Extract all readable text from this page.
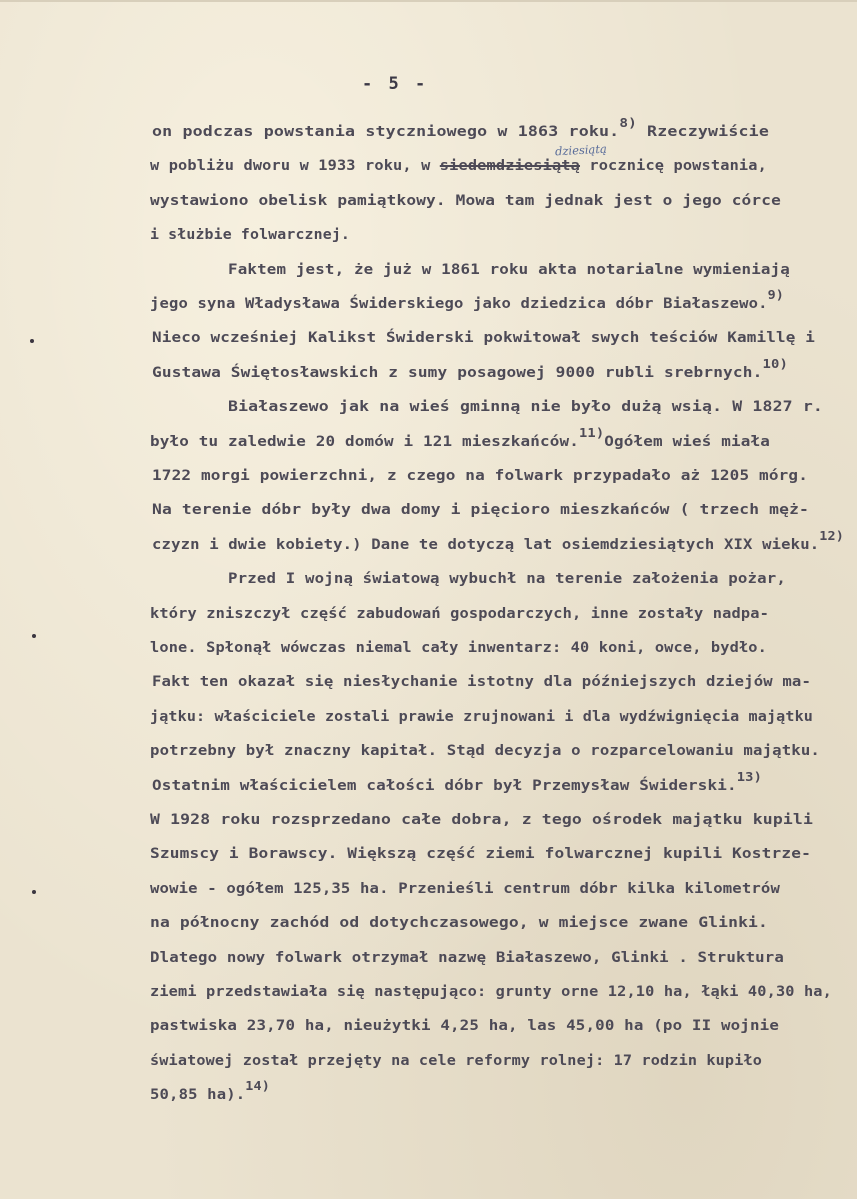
- 5 -
dziesiątą
on podczas powstania styczniowego w 1863 roku.8) Rzeczywiście
w pobliżu dworu w 1933 roku, w siedemdziesiątą rocznicę powstania,
wystawiono obelisk pamiątkowy. Mowa tam jednak jest o jego córce
i służbie folwarcznej.
Faktem jest, że już w 1861 roku akta notarialne wymieniają
jego syna Władysława Świderskiego jako dziedzica dóbr Białaszewo.9)
Nieco wcześniej Kalikst Świderski pokwitował swych teściów Kamillę i
Gustawa Świętosławskich z sumy posagowej 9000 rubli srebrnych.10)
Białaszewo jak na wieś gminną nie było dużą wsią. W 1827 r.
było tu zaledwie 20 domów i 121 mieszkańców.11)Ogółem wieś miała
1722 morgi powierzchni, z czego na folwark przypadało aż 1205 mórg.
Na terenie dóbr były dwa domy i pięcioro mieszkańców ( trzech męż-
czyzn i dwie kobiety.) Dane te dotyczą lat osiemdziesiątych XIX wieku.12)
Przed I wojną światową wybuchł na terenie założenia pożar,
który zniszczył część zabudowań gospodarczych, inne zostały nadpa-
lone. Spłonął wówczas niemal cały inwentarz: 40 koni, owce, bydło.
Fakt ten okazał się niesłychanie istotny dla późniejszych dziejów ma-
jątku: właściciele zostali prawie zrujnowani i dla wydźwignięcia majątku
potrzebny był znaczny kapitał. Stąd decyzja o rozparcelowaniu majątku.
Ostatnim właścicielem całości dóbr był Przemysław Świderski.13)
W 1928 roku rozsprzedano całe dobra, z tego ośrodek majątku kupili
Szumscy i Borawscy. Większą część ziemi folwarcznej kupili Kostrze-
wowie - ogółem 125,35 ha. Przenieśli centrum dóbr kilka kilometrów
na północny zachód od dotychczasowego, w miejsce zwane Glinki.
Dlatego nowy folwark otrzymał nazwę Białaszewo, Glinki . Struktura
ziemi przedstawiała się następująco: grunty orne 12,10 ha, łąki 40,30 ha,
pastwiska 23,70 ha, nieużytki 4,25 ha, las 45,00 ha (po II wojnie
światowej został przejęty na cele reformy rolnej: 17 rodzin kupiło
50,85 ha).14)
